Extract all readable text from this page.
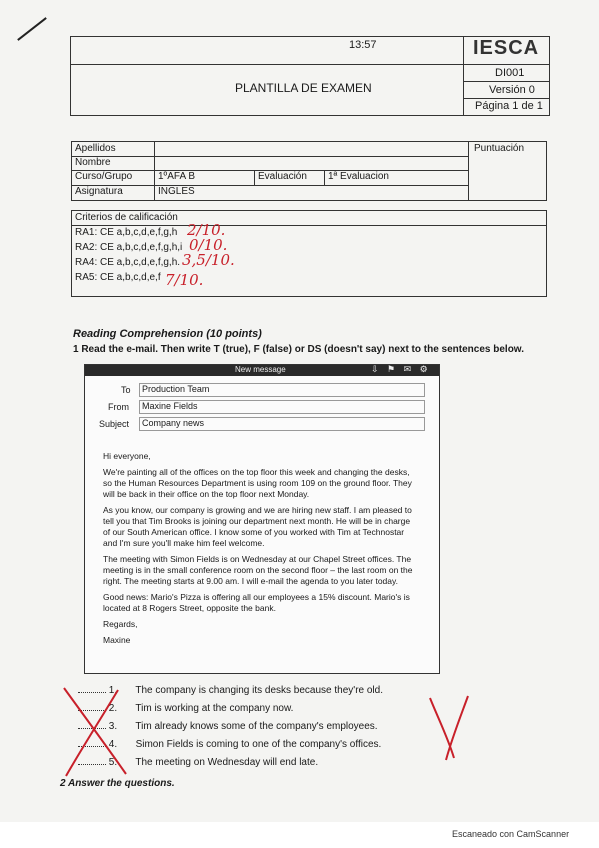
13:57
PLANTILLA DE EXAMEN
IESCA
DI001
Versión 0
Página 1 de 1
Apellidos
Nombre
Curso/Grupo
Asignatura
1ºAFA B	Evaluación 1ª Evaluacion
INGLES
Puntuación
Criterios de calificación
RA1: CE a,b,c,d,e,f,g,h 2/10.
RA2: CE a,b,c,d,e,f,g,h,i 0/10.
RA4: CE a,b,c,d,e,f,g,h. 3,5/10.
RA5: CE a,b,c,d,e,f 7/10.
Reading Comprehension (10 points)
1 Read the e-mail. Then write T (true), F (false) or DS (doesn't say) next to the sentences below.
New message	⇩ ⚑ ✉ ⚙
To Production Team
From Maxine Fields
Subject Company news
Hi everyone,
We're painting all of the offices on the top floor this week and changing the desks, so the Human Resources Department is using room 109 on the ground floor. They will be back in their office on the top floor next Monday.
As you know, our company is growing and we are hiring new staff. I am pleased to tell you that Tim Brooks is joining our department next month. He will be in charge of our South American office. I know some of you worked with Tim at Technostar and I'm sure you'll make him feel welcome.
The meeting with Simon Fields is on Wednesday at our Chapel Street offices. The meeting is in the small conference room on the second floor – the last room on the right. The meeting starts at 9.00 am. I will e-mail the agenda to you later today.
Good news: Mario's Pizza is offering all our employees a 15% discount. Mario's is located at 8 Rogers Street, opposite the bank.
Regards,
Maxine
1. The company is changing its desks because they're old.
2. Tim is working at the company now.
3. Tim already knows some of the company's employees.
4. Simon Fields is coming to one of the company's offices.
5. The meeting on Wednesday will end late.
2 Answer the questions.
Escaneado con CamScanner
